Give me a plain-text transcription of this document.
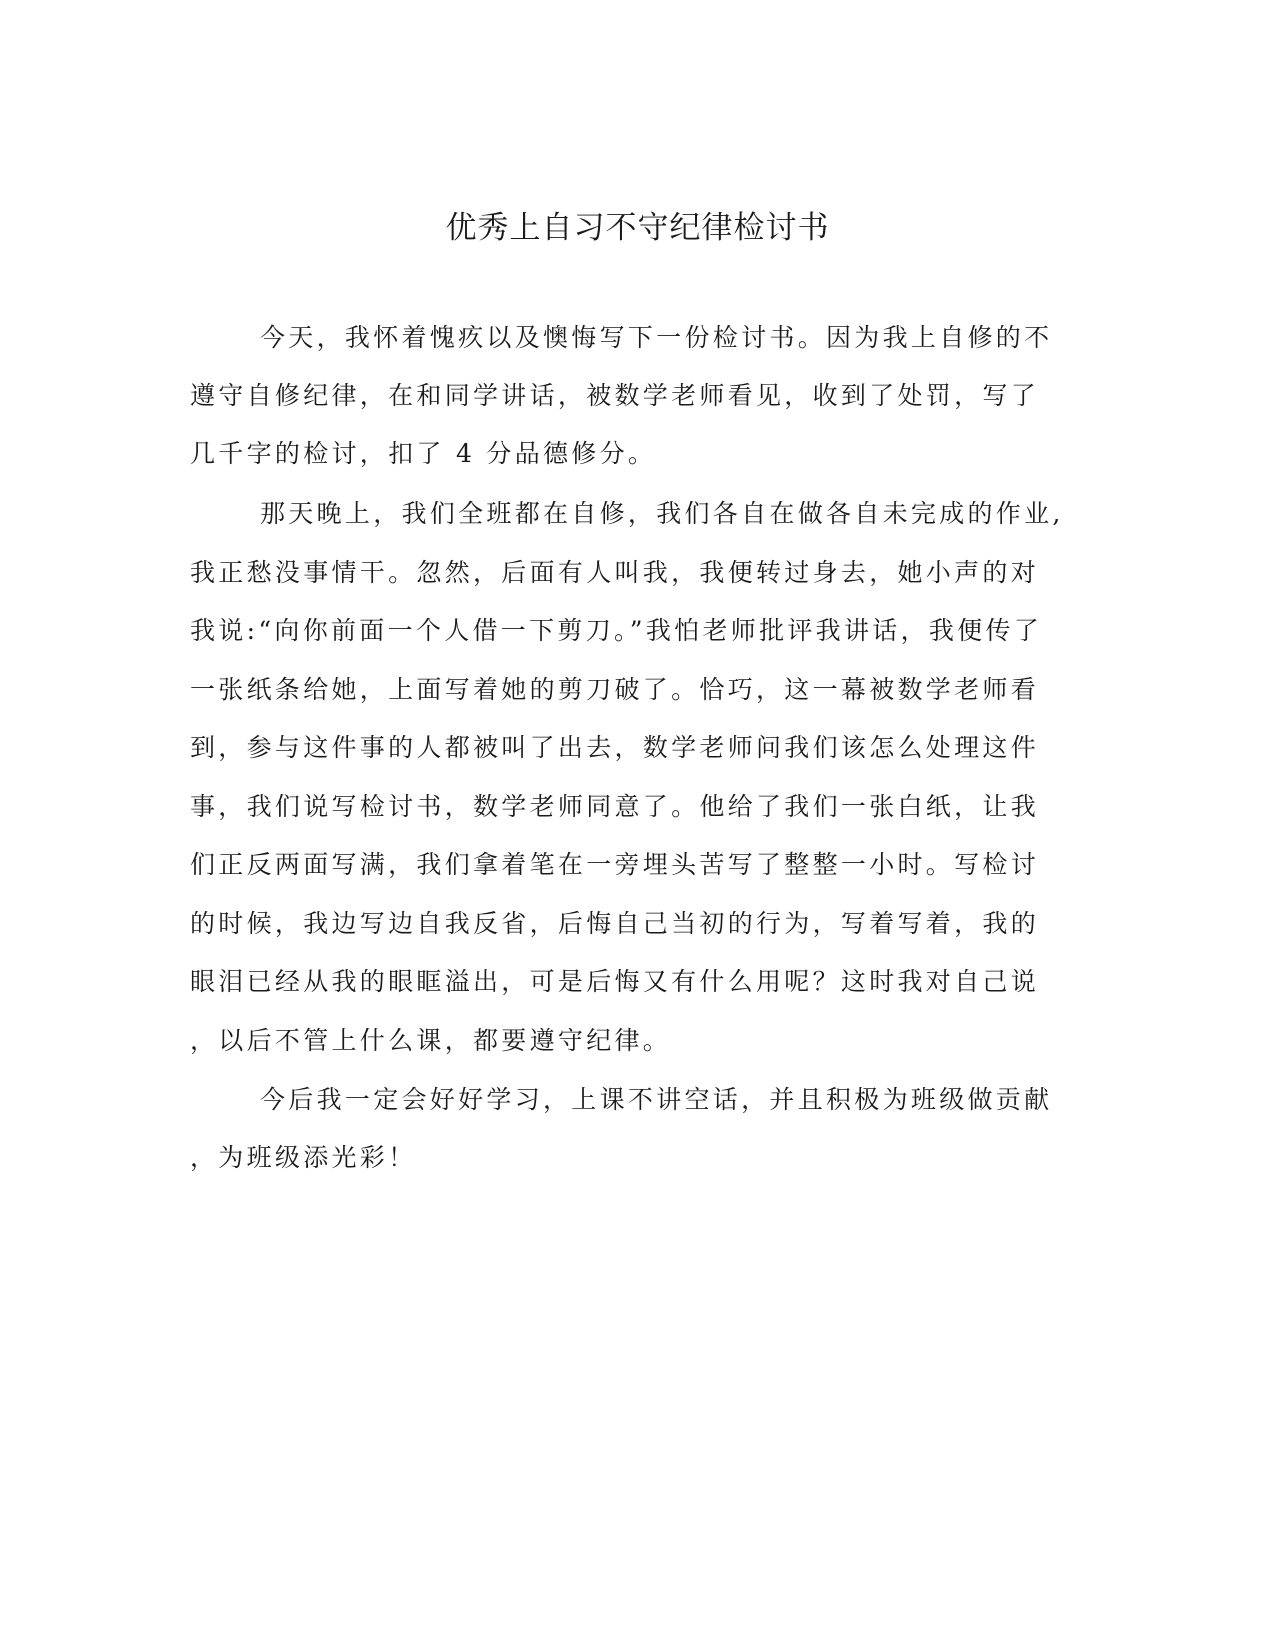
优秀上自习不守纪律检讨书
今天，我怀着愧疚以及懊悔写下一份检讨书。因为我上自修的不
遵守自修纪律，在和同学讲话，被数学老师看见，收到了处罚，写了
几千字的检讨，扣了 4 分品德修分。
那天晚上，我们全班都在自修，我们各自在做各自未完成的作业,
我正愁没事情干。忽然，后面有人叫我，我便转过身去，她小声的对
我说:“向你前面一个人借一下剪刀。”我怕老师批评我讲话，我便传了
一张纸条给她，上面写着她的剪刀破了。恰巧，这一幕被数学老师看
到，参与这件事的人都被叫了出去，数学老师问我们该怎么处理这件
事，我们说写检讨书，数学老师同意了。他给了我们一张白纸，让我
们正反两面写满，我们拿着笔在一旁埋头苦写了整整一小时。写检讨
的时候，我边写边自我反省，后悔自己当初的行为，写着写着，我的
眼泪已经从我的眼眶溢出，可是后悔又有什么用呢？这时我对自己说
，以后不管上什么课，都要遵守纪律。
今后我一定会好好学习，上课不讲空话，并且积极为班级做贡献
，为班级添光彩！
